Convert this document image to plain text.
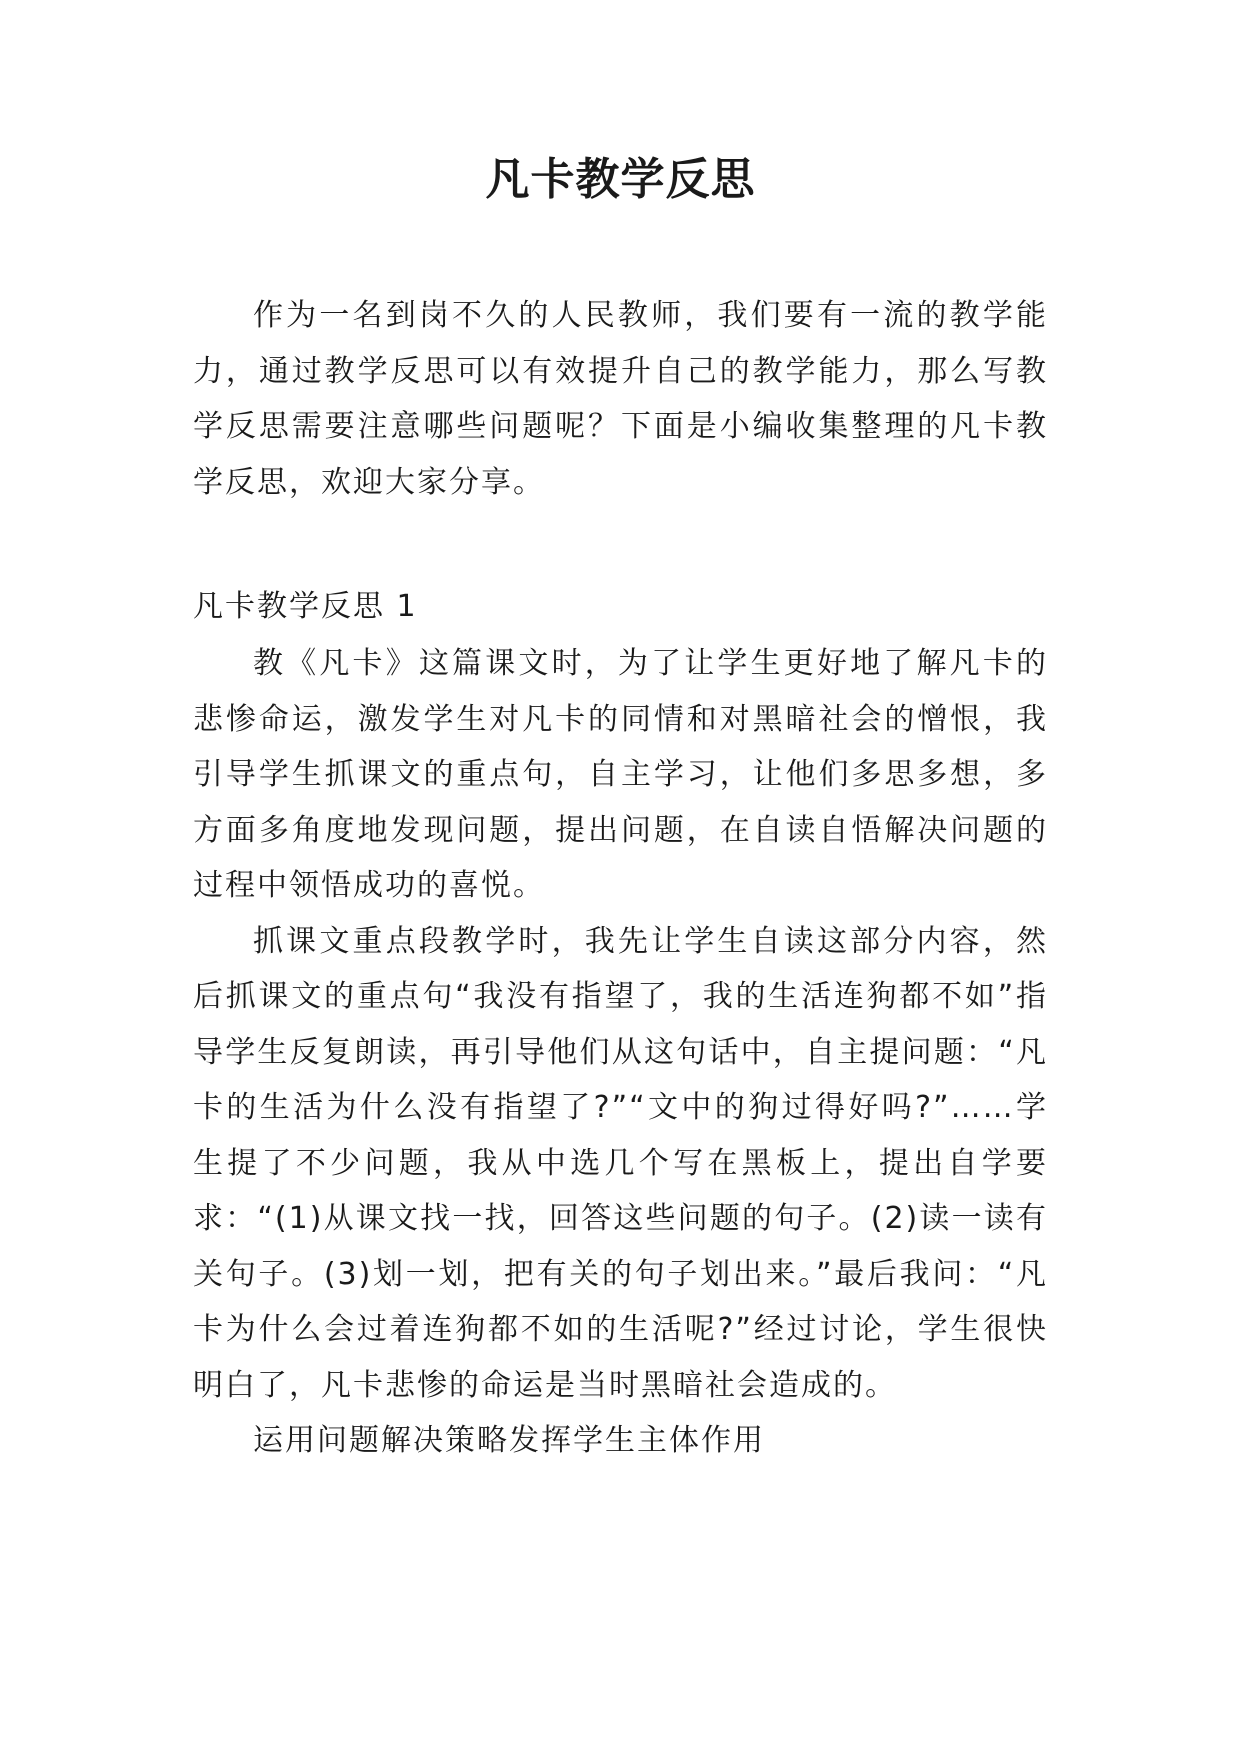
凡卡教学反思

作为一名到岗不久的人民教师，我们要有一流的教学能力，通过教学反思可以有效提升自己的教学能力，那么写教学反思需要注意哪些问题呢？下面是小编收集整理的凡卡教学反思，欢迎大家分享。

凡卡教学反思 1

教《凡卡》这篇课文时，为了让学生更好地了解凡卡的悲惨命运，激发学生对凡卡的同情和对黑暗社会的憎恨，我引导学生抓课文的重点句，自主学习，让他们多思多想，多方面多角度地发现问题，提出问题，在自读自悟解决问题的过程中领悟成功的喜悦。

抓课文重点段教学时，我先让学生自读这部分内容，然后抓课文的重点句“我没有指望了，我的生活连狗都不如”指导学生反复朗读，再引导他们从这句话中，自主提问题：“凡卡的生活为什么没有指望了?”“文中的狗过得好吗?”……学生提了不少问题，我从中选几个写在黑板上，提出自学要求：“(1)从课文找一找，回答这些问题的句子。(2)读一读有关句子。(3)划一划，把有关的句子划出来。”最后我问：“凡卡为什么会过着连狗都不如的生活呢?”经过讨论，学生很快明白了，凡卡悲惨的命运是当时黑暗社会造成的。

运用问题解决策略发挥学生主体作用
